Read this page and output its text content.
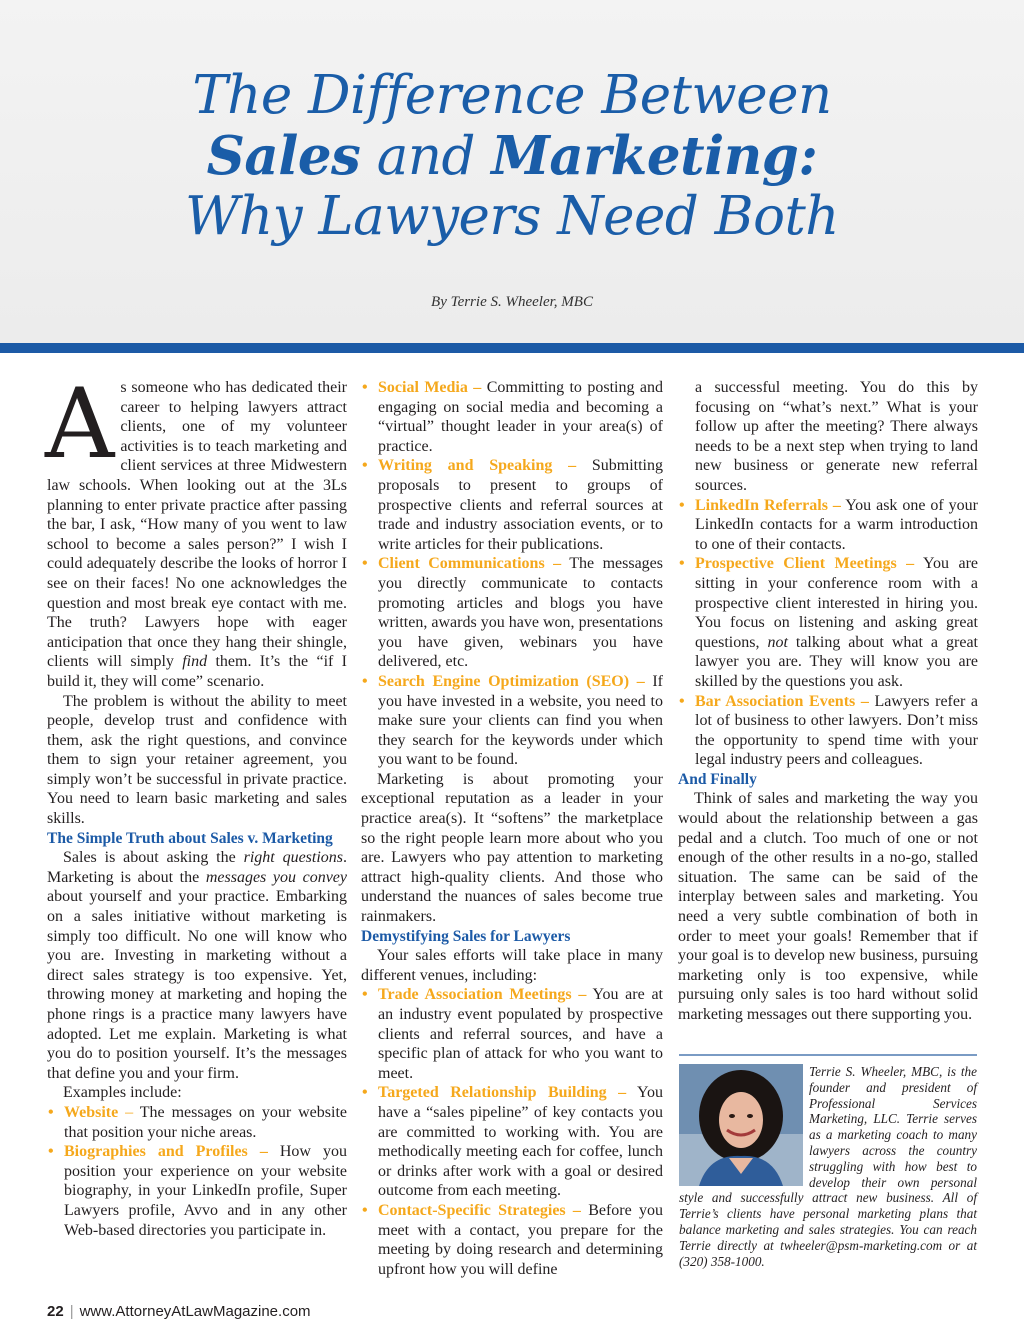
The Difference Between
Sales and Marketing:
Why Lawyers Need Both
By Terrie S. Wheeler, MBC

As someone who has dedicated their career to helping lawyers attract clients, one of my volunteer activities is to teach marketing and client services at three Midwestern law schools. When looking out at the 3Ls planning to enter private practice after passing the bar, I ask, “How many of you went to law school to become a sales person?” I wish I could adequately describe the looks of horror I see on their faces! No one acknowledges the question and most break eye contact with me. The truth? Lawyers hope with eager anticipation that once they hang their shingle, clients will simply find them. It’s the “if I build it, they will come” scenario.

The problem is without the ability to meet people, develop trust and confidence with them, ask the right questions, and convince them to sign your retainer agreement, you simply won’t be successful in private practice. You need to learn basic marketing and sales skills.

The Simple Truth about Sales v. Marketing

Sales is about asking the right questions. Marketing is about the messages you convey about yourself and your practice. Embarking on a sales initiative without marketing is simply too difficult. No one will know who you are. Investing in marketing without a direct sales strategy is too expensive. Yet, throwing money at marketing and hoping the phone rings is a practice many lawyers have adopted. Let me explain. Marketing is what you do to position yourself. It’s the messages that define you and your firm.

Examples include:

• Website – The messages on your website that position your niche areas.

• Biographies and Profiles – How you position your experience on your website biography, in your LinkedIn profile, Super Lawyers profile, Avvo and in any other Web-based directories you participate in.

• Social Media – Committing to posting and engaging on social media and becoming a “virtual” thought leader in your area(s) of practice.

• Writing and Speaking – Submitting proposals to present to groups of prospective clients and referral sources at trade and industry association events, or to write articles for their publications.

• Client Communications – The messages you directly communicate to contacts promoting articles and blogs you have written, awards you have won, presentations you have given, webinars you have delivered, etc.

• Search Engine Optimization (SEO) – If you have invested in a website, you need to make sure your clients can find you when they search for the keywords under which you want to be found.

Marketing is about promoting your exceptional reputation as a leader in your practice area(s). It “softens” the marketplace so the right people learn more about who you are. Lawyers who pay attention to marketing attract high-quality clients. And those who understand the nuances of sales become true rainmakers.

Demystifying Sales for Lawyers

Your sales efforts will take place in many different venues, including:

• Trade Association Meetings – You are at an industry event populated by prospective clients and referral sources, and have a specific plan of attack for who you want to meet.

• Targeted Relationship Building – You have a “sales pipeline” of key contacts you are committed to working with. You are methodically meeting each for coffee, lunch or drinks after work with a goal or desired outcome from each meeting.

• Contact-Specific Strategies – Before you meet with a contact, you prepare for the meeting by doing research and determining upfront how you will define

a successful meeting. You do this by focusing on “what’s next.” What is your follow up after the meeting? There always needs to be a next step when trying to land new business or generate new referral sources.

• LinkedIn Referrals – You ask one of your LinkedIn contacts for a warm introduction to one of their contacts.

• Prospective Client Meetings – You are sitting in your conference room with a prospective client interested in hiring you. You focus on listening and asking great questions, not talking about what a great lawyer you are. They will know you are skilled by the questions you ask.

• Bar Association Events – Lawyers refer a lot of business to other lawyers. Don’t miss the opportunity to spend time with your legal industry peers and colleagues.

And Finally

Think of sales and marketing the way you would about the relationship between a gas pedal and a clutch. Too much of one or not enough of the other results in a no-go, stalled situation. The same can be said of the interplay between sales and marketing. You need a very subtle combination of both in order to meet your goals! Remember that if your goal is to develop new business, pursuing marketing only is too expensive, while pursuing only sales is too hard without solid marketing messages out there supporting you.

Terrie S. Wheeler, MBC, is the founder and president of Professional Services Marketing, LLC. Terrie serves as a marketing coach to many lawyers across the country struggling with how best to develop their own personal style and successfully attract new business. All of Terrie’s clients have personal marketing plans that balance marketing and sales strategies. You can reach Terrie directly at twheeler@psm-marketing.com or at (320) 358-1000.
22 | www.AttorneyAtLawMagazine.com
